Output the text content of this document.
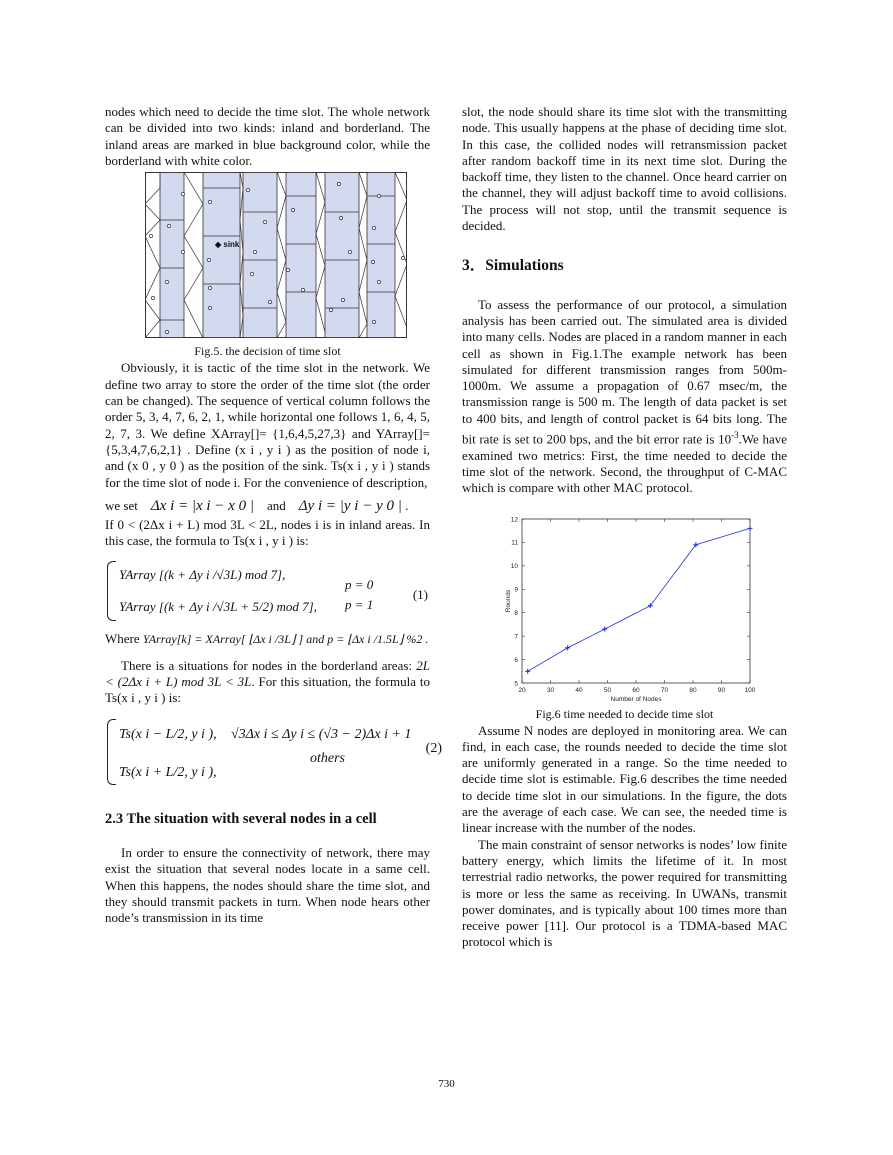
nodes which need to decide the time slot. The whole network can be divided into two kinds: inland and borderland. The inland areas are marked in blue background color, while the borderland with white color.

◆ sink

Fig.5. the decision of time slot

Obviously, it is tactic of the time slot in the network. We define two array to store the order of the time slot (the order can be changed). The sequence of vertical column follows the order 5, 3, 4, 7, 6, 2, 1, while horizontal one follows 1, 6, 4, 5, 2, 7, 3. We define XArray[]= {1,6,4,5,27,3} and YArray[]= {5,3,4,7,6,2,1} . Define (x i , y i ) as the position of node i, and (x 0 , y 0 ) as the position of the sink. Ts(x i , y i ) stands for the time slot of node i. For the convenience of description,

we set Δx i = |x i − x 0 | and Δy i = |y i − y 0 | .

If 0 < (2Δx i + L) mod 3L < 2L, nodes i is in inland areas. In this case, the formula to Ts(x i , y i ) is:

YArray [(k + Δy i /√3L) mod 7],
YArray [(k + Δy i /√3L + 5/2) mod 7],
p = 0
p = 1
(1)

Where YArray[k] = XArray[ ⌊Δx i /3L⌋ ] and p = ⌊Δx i /1.5L⌋ %2 .

There is a situations for nodes in the borderland areas: 2L < (2Δx i + L) mod 3L < 3L. For this situation, the formula to Ts(x i , y i ) is:

Ts(x i − L/2, y i ), √3Δx i ≤ Δy i ≤ (√3 − 2)Δx i + 1
Ts(x i + L/2, y i ),
others
(2)
2.3 The situation with several nodes in a cell

In order to ensure the connectivity of network, there may exist the situation that several nodes locate in a same cell. When this happens, the nodes should share the time slot, and they should transmit packets in turn. When node hears other node’s transmission in its time

slot, the node should share its time slot with the transmitting node. This usually happens at the phase of deciding time slot. In this case, the collided nodes will retransmission packet after random backoff time in its next time slot. During the backoff time, they listen to the channel. Once heard carrier on the channel, they will adjust backoff time to avoid collisions. The process will not stop, until the transmit sequence is decided.

3．Simulations

To assess the performance of our protocol, a simulation analysis has been carried out. The simulated area is divided into many cells. Nodes are placed in a random manner in each cell as shown in Fig.1.The example network has been simulated for different transmission ranges from 500m-1000m. We assume a propagation of 0.67 msec/m, the transmission range is 500 m. The length of data packet is set to 400 bits, and length of control packet is 64 bits long. The bit rate is set to 200 bps, and the bit error rate is $10^{-3}.We$ have examined two metrics: First, the time needed to decide the time slot of the network. Second, the throughput of C-MAC which is compare with other MAC protocol.

20	30	40	50	60	70	80	90	100
5
6
7
8
9
10
11
12
Number of Nodes
Rounds

Fig.6 time needed to decide time slot

Assume N nodes are deployed in monitoring area. We can find, in each case, the rounds needed to decide the time slot are uniformly generated in a range. So the time needed to decide time slot is estimable. Fig.6 describes the time needed to decide time slot in our simulations. In the figure, the dots are the average of each case. We can see, the needed time is linear increase with the number of the nodes.

The main constraint of sensor networks is nodes’ low finite battery energy, which limits the lifetime of it. In most terrestrial radio networks, the power required for transmitting is more or less the same as receiving. In UWANs, transmit power dominates, and is typically about 100 times more than receive power [11]. Our protocol is a TDMA-based MAC protocol which is

730
